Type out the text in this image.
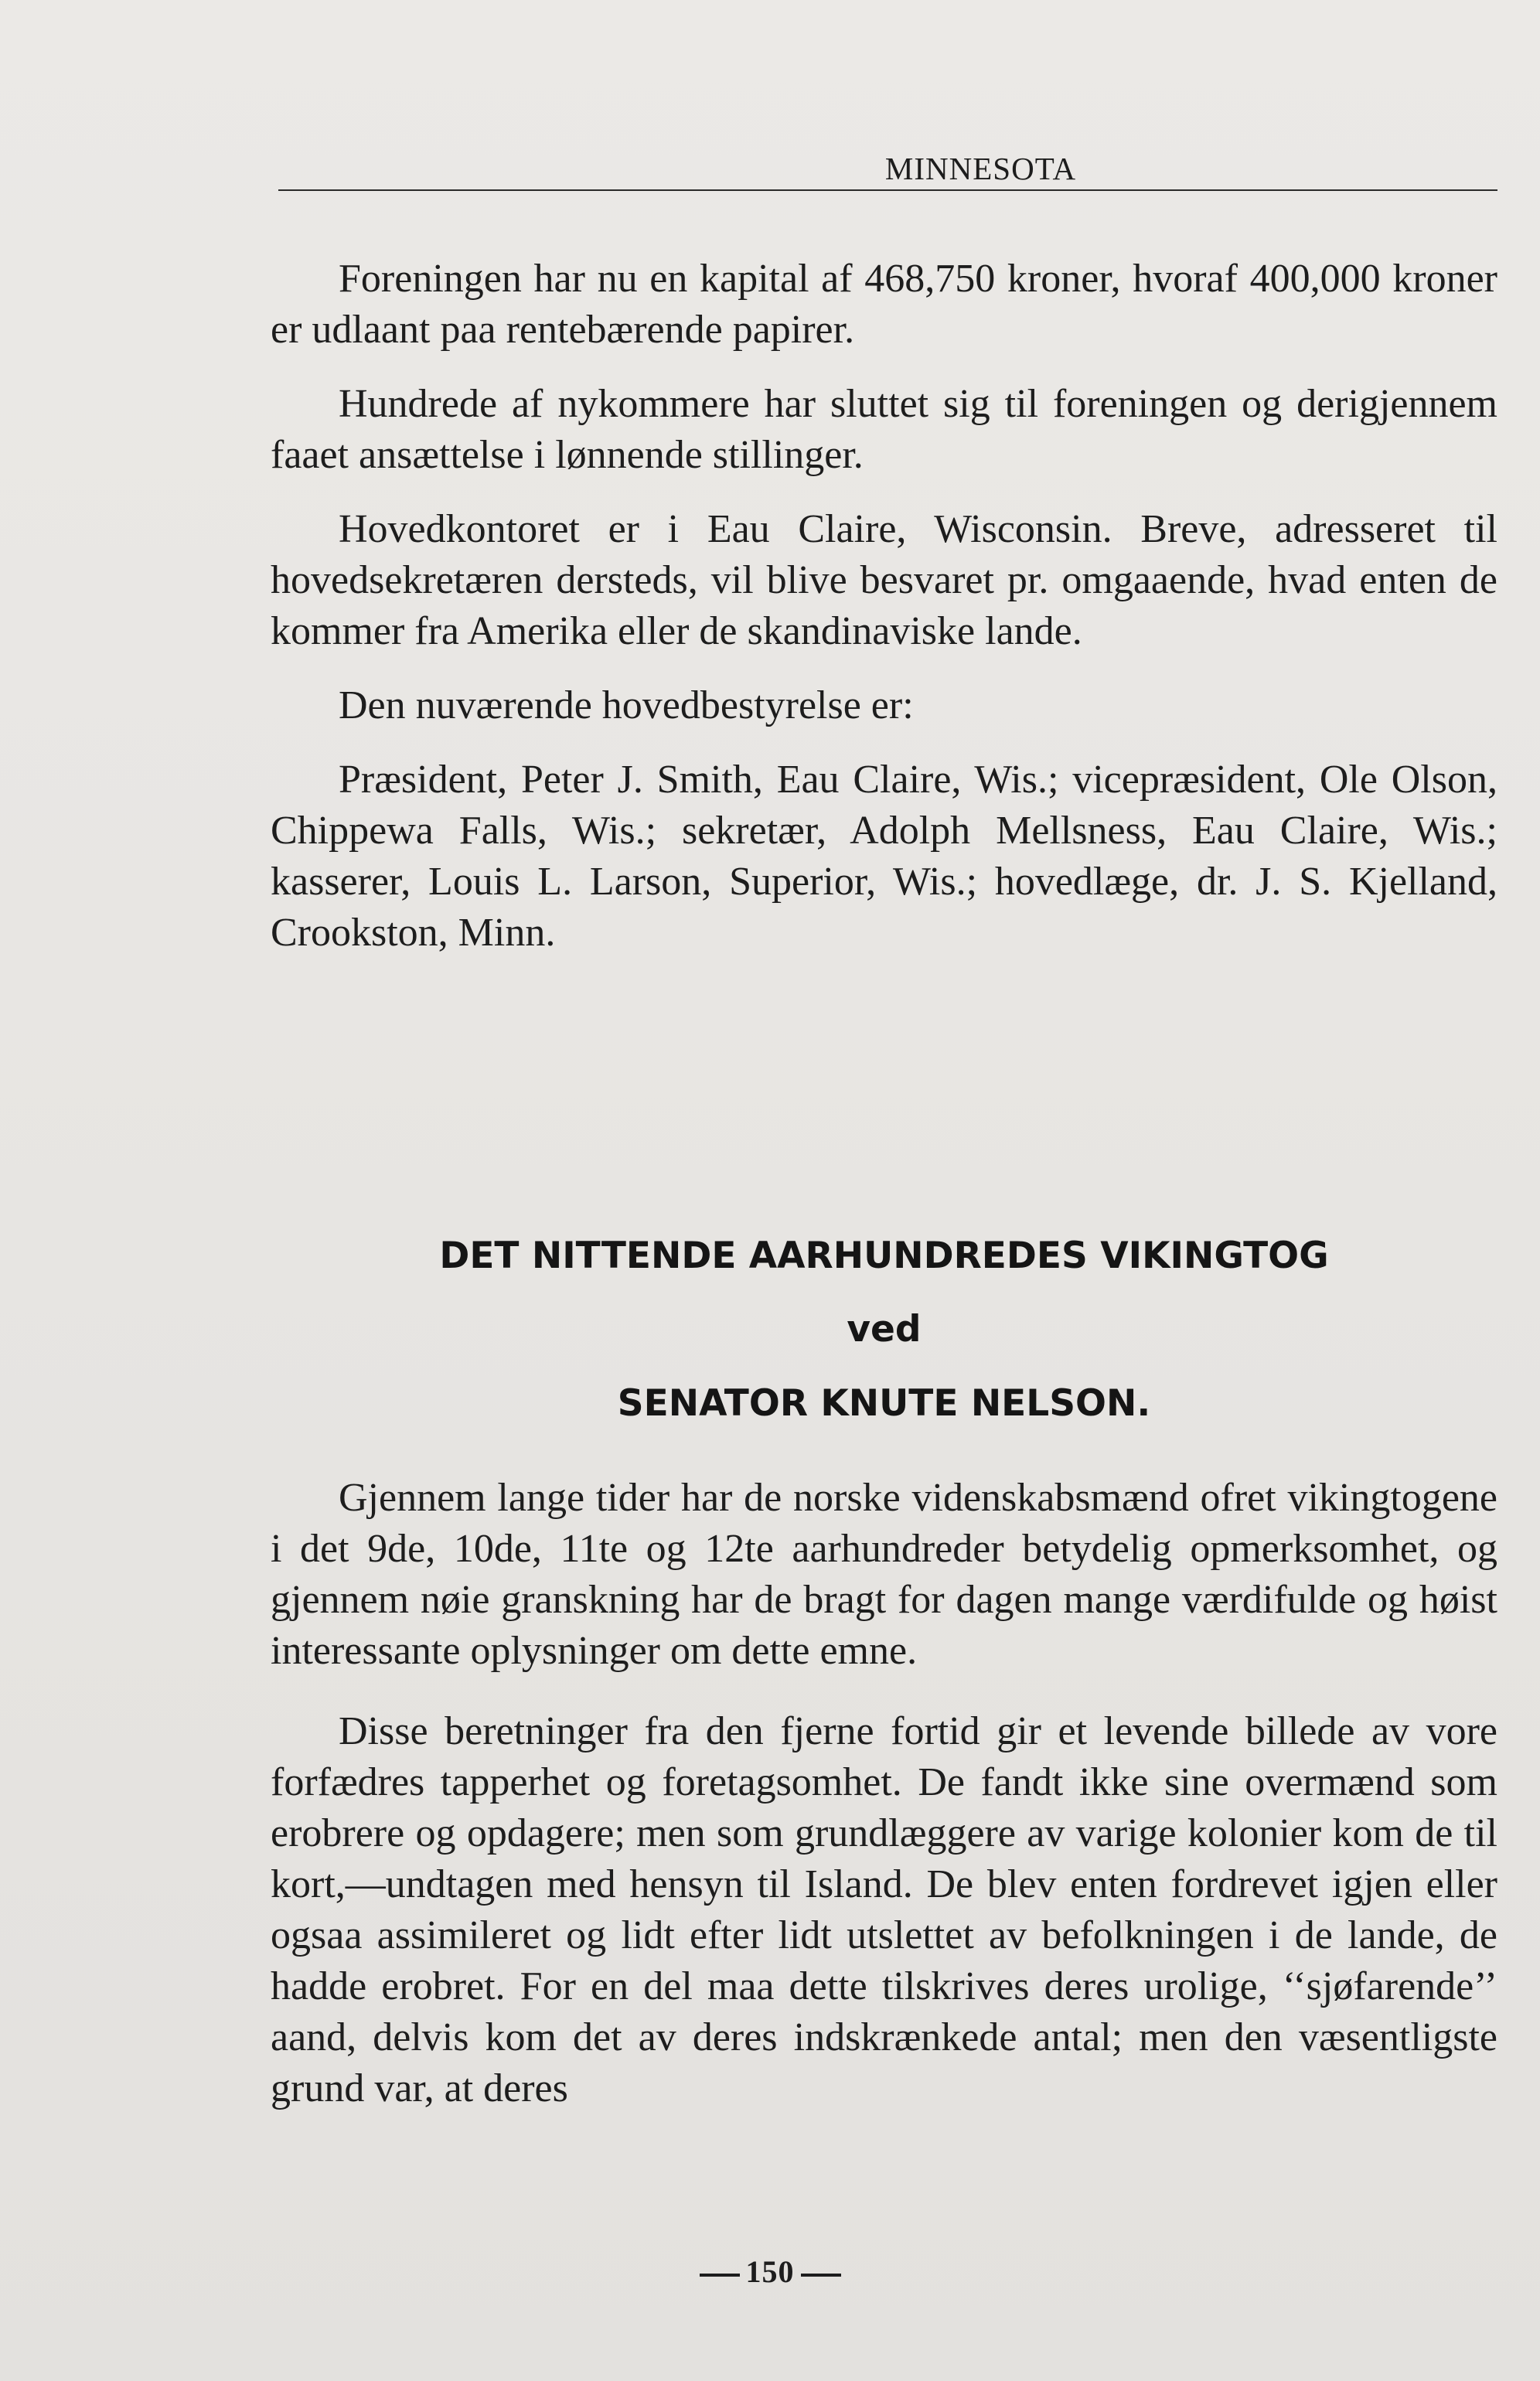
MINNESOTA

Foreningen har nu en kapital af 468,750 kroner, hvoraf 400,000 kroner er udlaant paa rentebærende papirer.

Hundrede af nykommere har sluttet sig til foreningen og derigjennem faaet ansættelse i lønnende stillinger.

Hovedkontoret er i Eau Claire, Wisconsin. Breve, adresseret til hovedsekretæren dersteds, vil blive besvaret pr. omgaaende, hvad enten de kommer fra Amerika eller de skandinaviske lande.

Den nuværende hovedbestyrelse er:

Præsident, Peter J. Smith, Eau Claire, Wis.; vicepræsident, Ole Olson, Chippewa Falls, Wis.; sekretær, Adolph Mellsness, Eau Claire, Wis.; kasserer, Louis L. Larson, Superior, Wis.; hovedlæge, dr. J. S. Kjelland, Crookston, Minn.

DET NITTENDE AARHUNDREDES VIKINGTOG
ved
SENATOR KNUTE NELSON.

Gjennem lange tider har de norske videnskabsmænd ofret vikingtogene i det 9de, 10de, 11te og 12te aarhundreder betydelig opmerksomhet, og gjennem nøie granskning har de bragt for dagen mange værdifulde og høist interessante oplysninger om dette emne.

Disse beretninger fra den fjerne fortid gir et levende billede av vore forfædres tapperhet og foretagsomhet. De fandt ikke sine overmænd som erobrere og opdagere; men som grundlæggere av varige kolonier kom de til kort,—undtagen med hensyn til Island. De blev enten fordrevet igjen eller ogsaa assimileret og lidt efter lidt utslettet av befolkningen i de lande, de hadde erobret. For en del maa dette tilskrives deres urolige, ‘‘sjøfarende’’ aand, delvis kom det av deres indskrænkede antal; men den væsentligste grund var, at deres

150
